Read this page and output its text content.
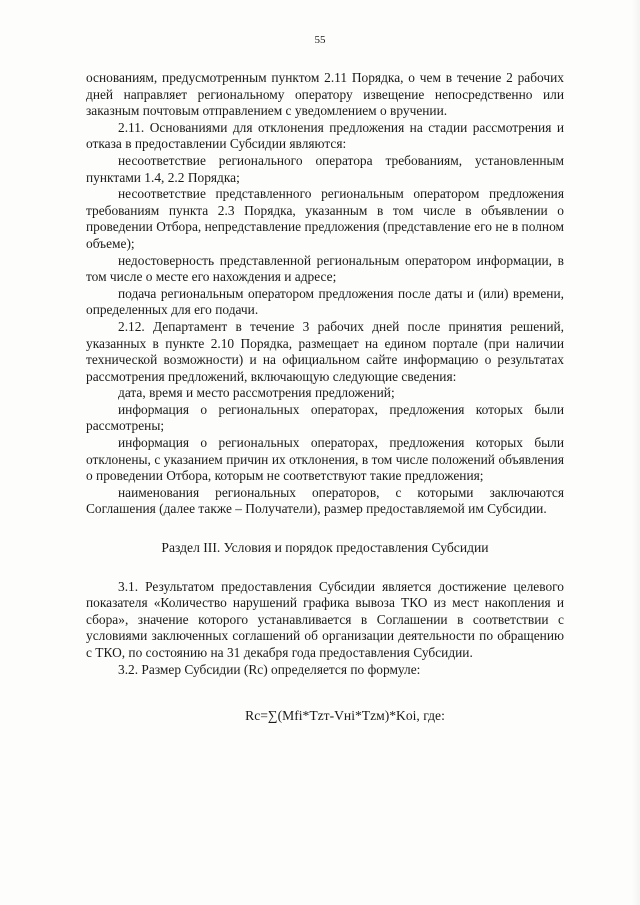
55

основаниям, предусмотренным пунктом 2.11 Порядка, о чем в течение 2 рабочих дней направляет региональному оператору извещение непосредственно или заказным почтовым отправлением с уведомлением о вручении.

2.11. Основаниями для отклонения предложения на стадии рассмотрения и отказа в предоставлении Субсидии являются:

несоответствие регионального оператора требованиям, установленным пунктами 1.4, 2.2 Порядка;

несоответствие представленного региональным оператором предложения требованиям пункта 2.3 Порядка, указанным в том числе в объявлении о проведении Отбора, непредставление предложения (представление его не в полном объеме);

недостоверность представленной региональным оператором информации, в том числе о месте его нахождения и адресе;

подача региональным оператором предложения после даты и (или) времени, определенных для его подачи.

2.12. Департамент в течение 3 рабочих дней после принятия решений, указанных в пункте 2.10 Порядка, размещает на едином портале (при наличии технической возможности) и на официальном сайте информацию о результатах рассмотрения предложений, включающую следующие сведения:

дата, время и место рассмотрения предложений;

информация о региональных операторах, предложения которых были рассмотрены;

информация о региональных операторах, предложения которых были отклонены, с указанием причин их отклонения, в том числе положений объявления о проведении Отбора, которым не соответствуют такие предложения;

наименования региональных операторов, с которыми заключаются Соглашения (далее также – Получатели), размер предоставляемой им Субсидии.

Раздел III. Условия и порядок предоставления Субсидии

3.1. Результатом предоставления Субсидии является достижение целевого показателя «Количество нарушений графика вывоза ТКО из мест накопления и сбора», значение которого устанавливается в Соглашении в соответствии с условиями заключенных соглашений об организации деятельности по обращению с ТКО, по состоянию на 31 декабря года предоставления Субсидии.

3.2. Размер Субсидии (Rc) определяется по формуле:

Rc=∑(Mfi*Tzт-Vнi*Tzм)*Koi, где:
